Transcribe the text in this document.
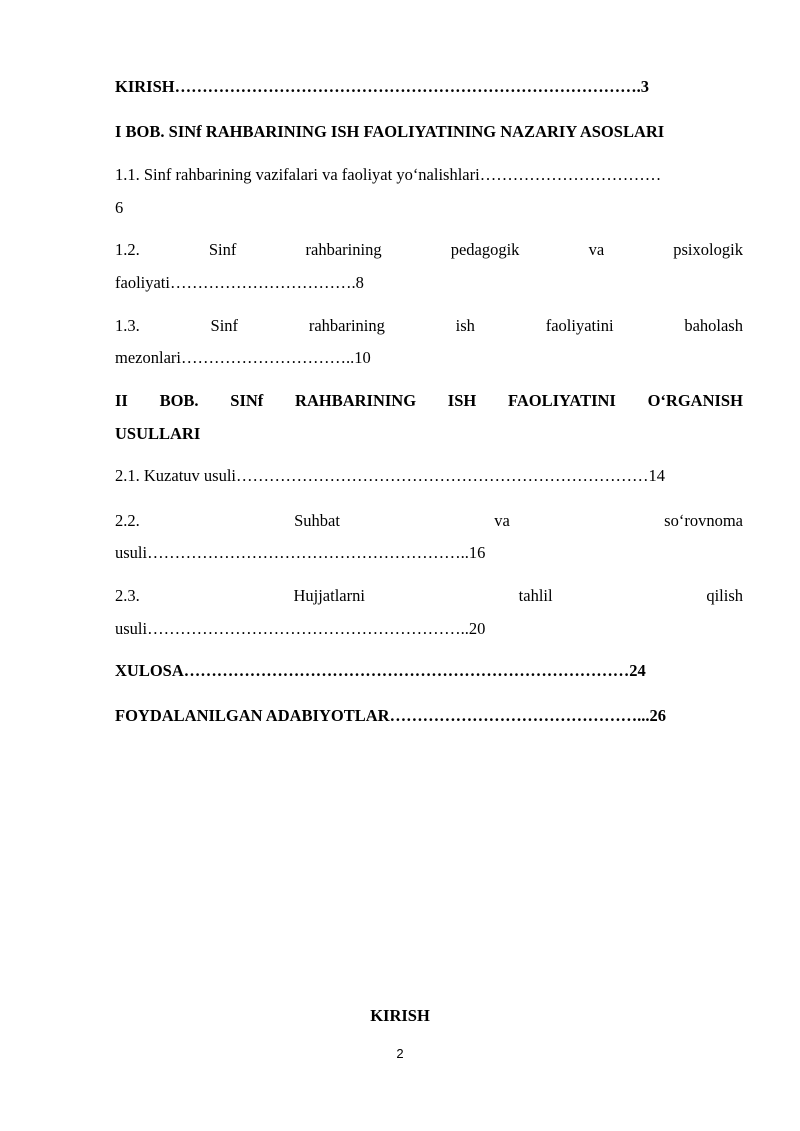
KIRISH………………………………………………………………………….3
I BOB. SINf RAHBARINING ISH FAOLIYATINING NAZARIY ASOSLARI
1.1. Sinf rahbarining vazifalari va faoliyat yo‘nalishlari……………………………
6
1.2.	Sinf	rahbarining	pedagogik	va	psixologik
faoliyati…………………………….8
1.3.	Sinf	rahbarining	ish	faoliyatini	baholash
mezonlari…………………………..10
II BOB. SINf RAHBARINING ISH FAOLIYATINI O‘RGANISH
USULLARI
2.1. Kuzatuv usuli…………………………………………………………………14
2.2.	Suhbat	va	so‘rovnoma
usuli…………………………………………………..16
2.3.	Hujjatlarni	tahlil	qilish
usuli…………………………………………………..20
XULOSA………………………………………………………………………24
FOYDALANILGAN ADABIYOTLAR………………………………………...26
KIRISH
2
